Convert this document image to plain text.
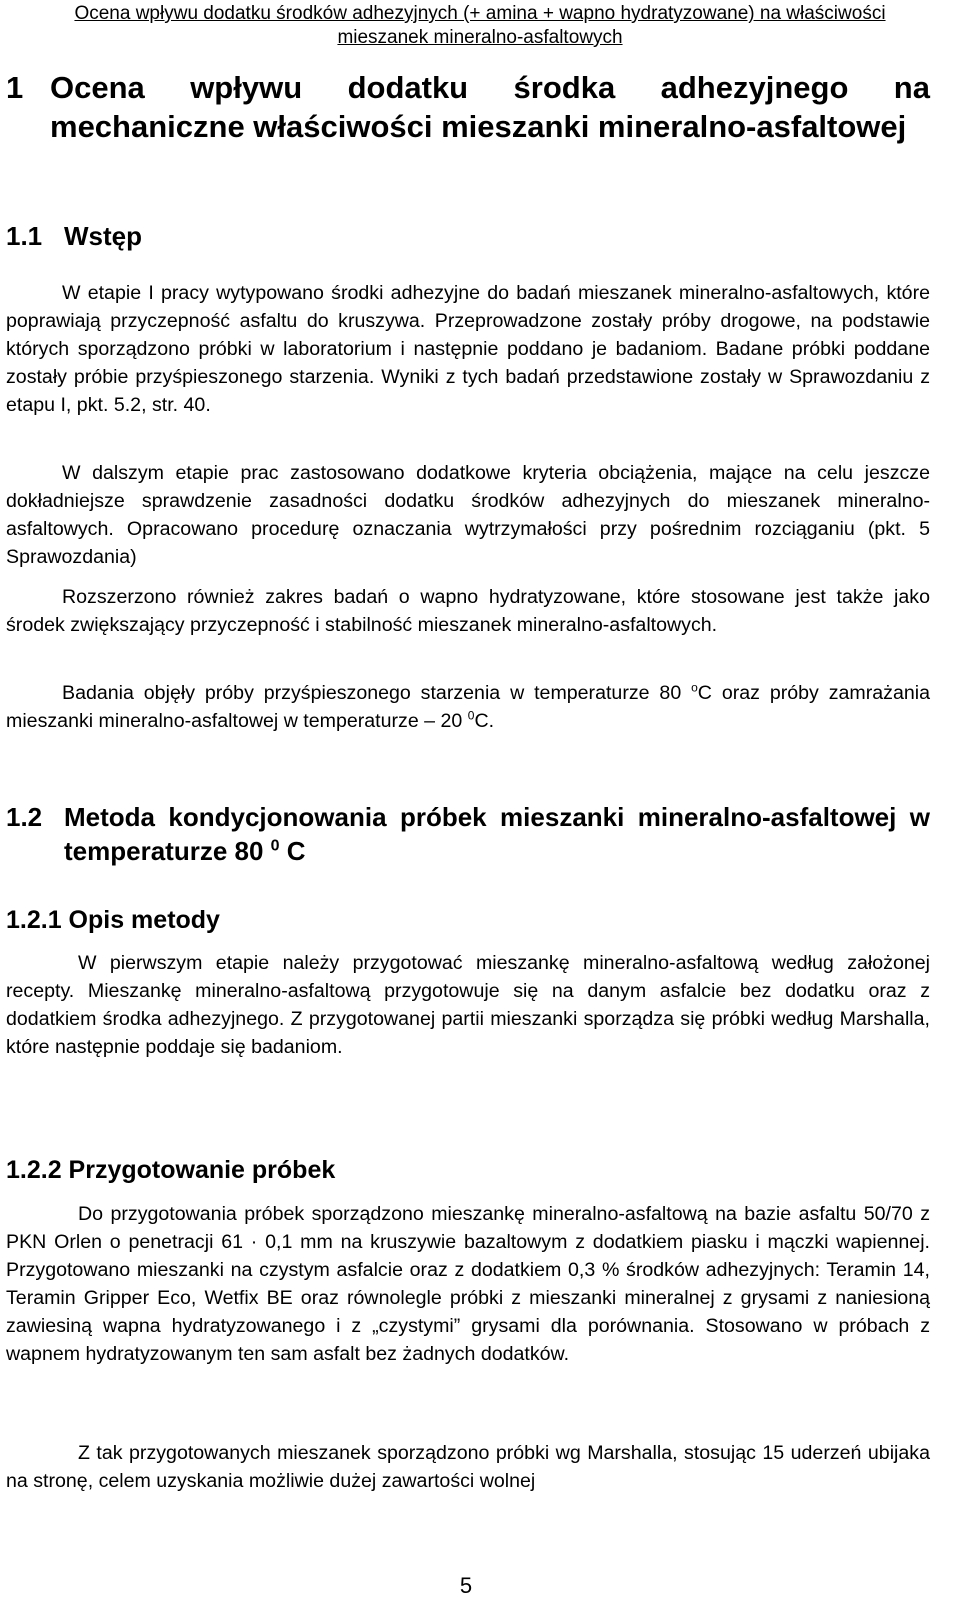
Ocena wpływu dodatku środków adhezyjnych (+ amina + wapno hydratyzowane) na właściwości
mieszanek mineralno-asfaltowych
1 Ocena wpływu dodatku środka adhezyjnego na mechaniczne właściwości mieszanki mineralno-asfaltowej
1.1 Wstęp
W etapie I pracy wytypowano środki adhezyjne do badań mieszanek mineralno-asfaltowych, które poprawiają przyczepność asfaltu do kruszywa. Przeprowadzone zostały próby drogowe, na podstawie których sporządzono próbki w laboratorium i następnie poddano je badaniom. Badane próbki poddane zostały próbie przyśpieszonego starzenia. Wyniki z tych badań przedstawione zostały w Sprawozdaniu z etapu I, pkt. 5.2, str. 40.
W dalszym etapie prac zastosowano dodatkowe kryteria obciążenia, mające na celu jeszcze dokładniejsze sprawdzenie zasadności dodatku środków adhezyjnych do mieszanek mineralno-asfaltowych. Opracowano procedurę oznaczania wytrzymałości przy pośrednim rozciąganiu (pkt. 5 Sprawozdania)
Rozszerzono również zakres badań o wapno hydratyzowane, które stosowane jest także jako środek zwiększający przyczepność i stabilność mieszanek mineralno-asfaltowych.
Badania objęły próby przyśpieszonego starzenia w temperaturze 80 $^o$C oraz próby zamrażania mieszanki mineralno-asfaltowej w temperaturze – 20 $^0$C.
1.2 Metoda kondycjonowania próbek mieszanki mineralno-asfaltowej w temperaturze 80 $^0$ C
1.2.1 Opis metody
W pierwszym etapie należy przygotować mieszankę mineralno-asfaltową według założonej recepty. Mieszankę mineralno-asfaltową przygotowuje się na danym asfalcie bez dodatku oraz z dodatkiem środka adhezyjnego. Z przygotowanej partii mieszanki sporządza się próbki według Marshalla, które następnie poddaje się badaniom.
1.2.2 Przygotowanie próbek
Do przygotowania próbek sporządzono mieszankę mineralno-asfaltową na bazie asfaltu 50/70 z PKN Orlen o penetracji 61 · 0,1 mm na kruszywie bazaltowym z dodatkiem piasku i mączki wapiennej. Przygotowano mieszanki na czystym asfalcie oraz z dodatkiem 0,3 % środków adhezyjnych: Teramin 14, Teramin Gripper Eco, Wetfix BE oraz równolegle próbki z mieszanki mineralnej z grysami z naniesioną zawiesiną wapna hydratyzowanego i z „czystymi” grysami dla porównania. Stosowano w próbach z wapnem hydratyzowanym ten sam asfalt bez żadnych dodatków.
Z tak przygotowanych mieszanek sporządzono próbki wg Marshalla, stosując 15 uderzeń ubijaka na stronę, celem uzyskania możliwie dużej zawartości wolnej
5
